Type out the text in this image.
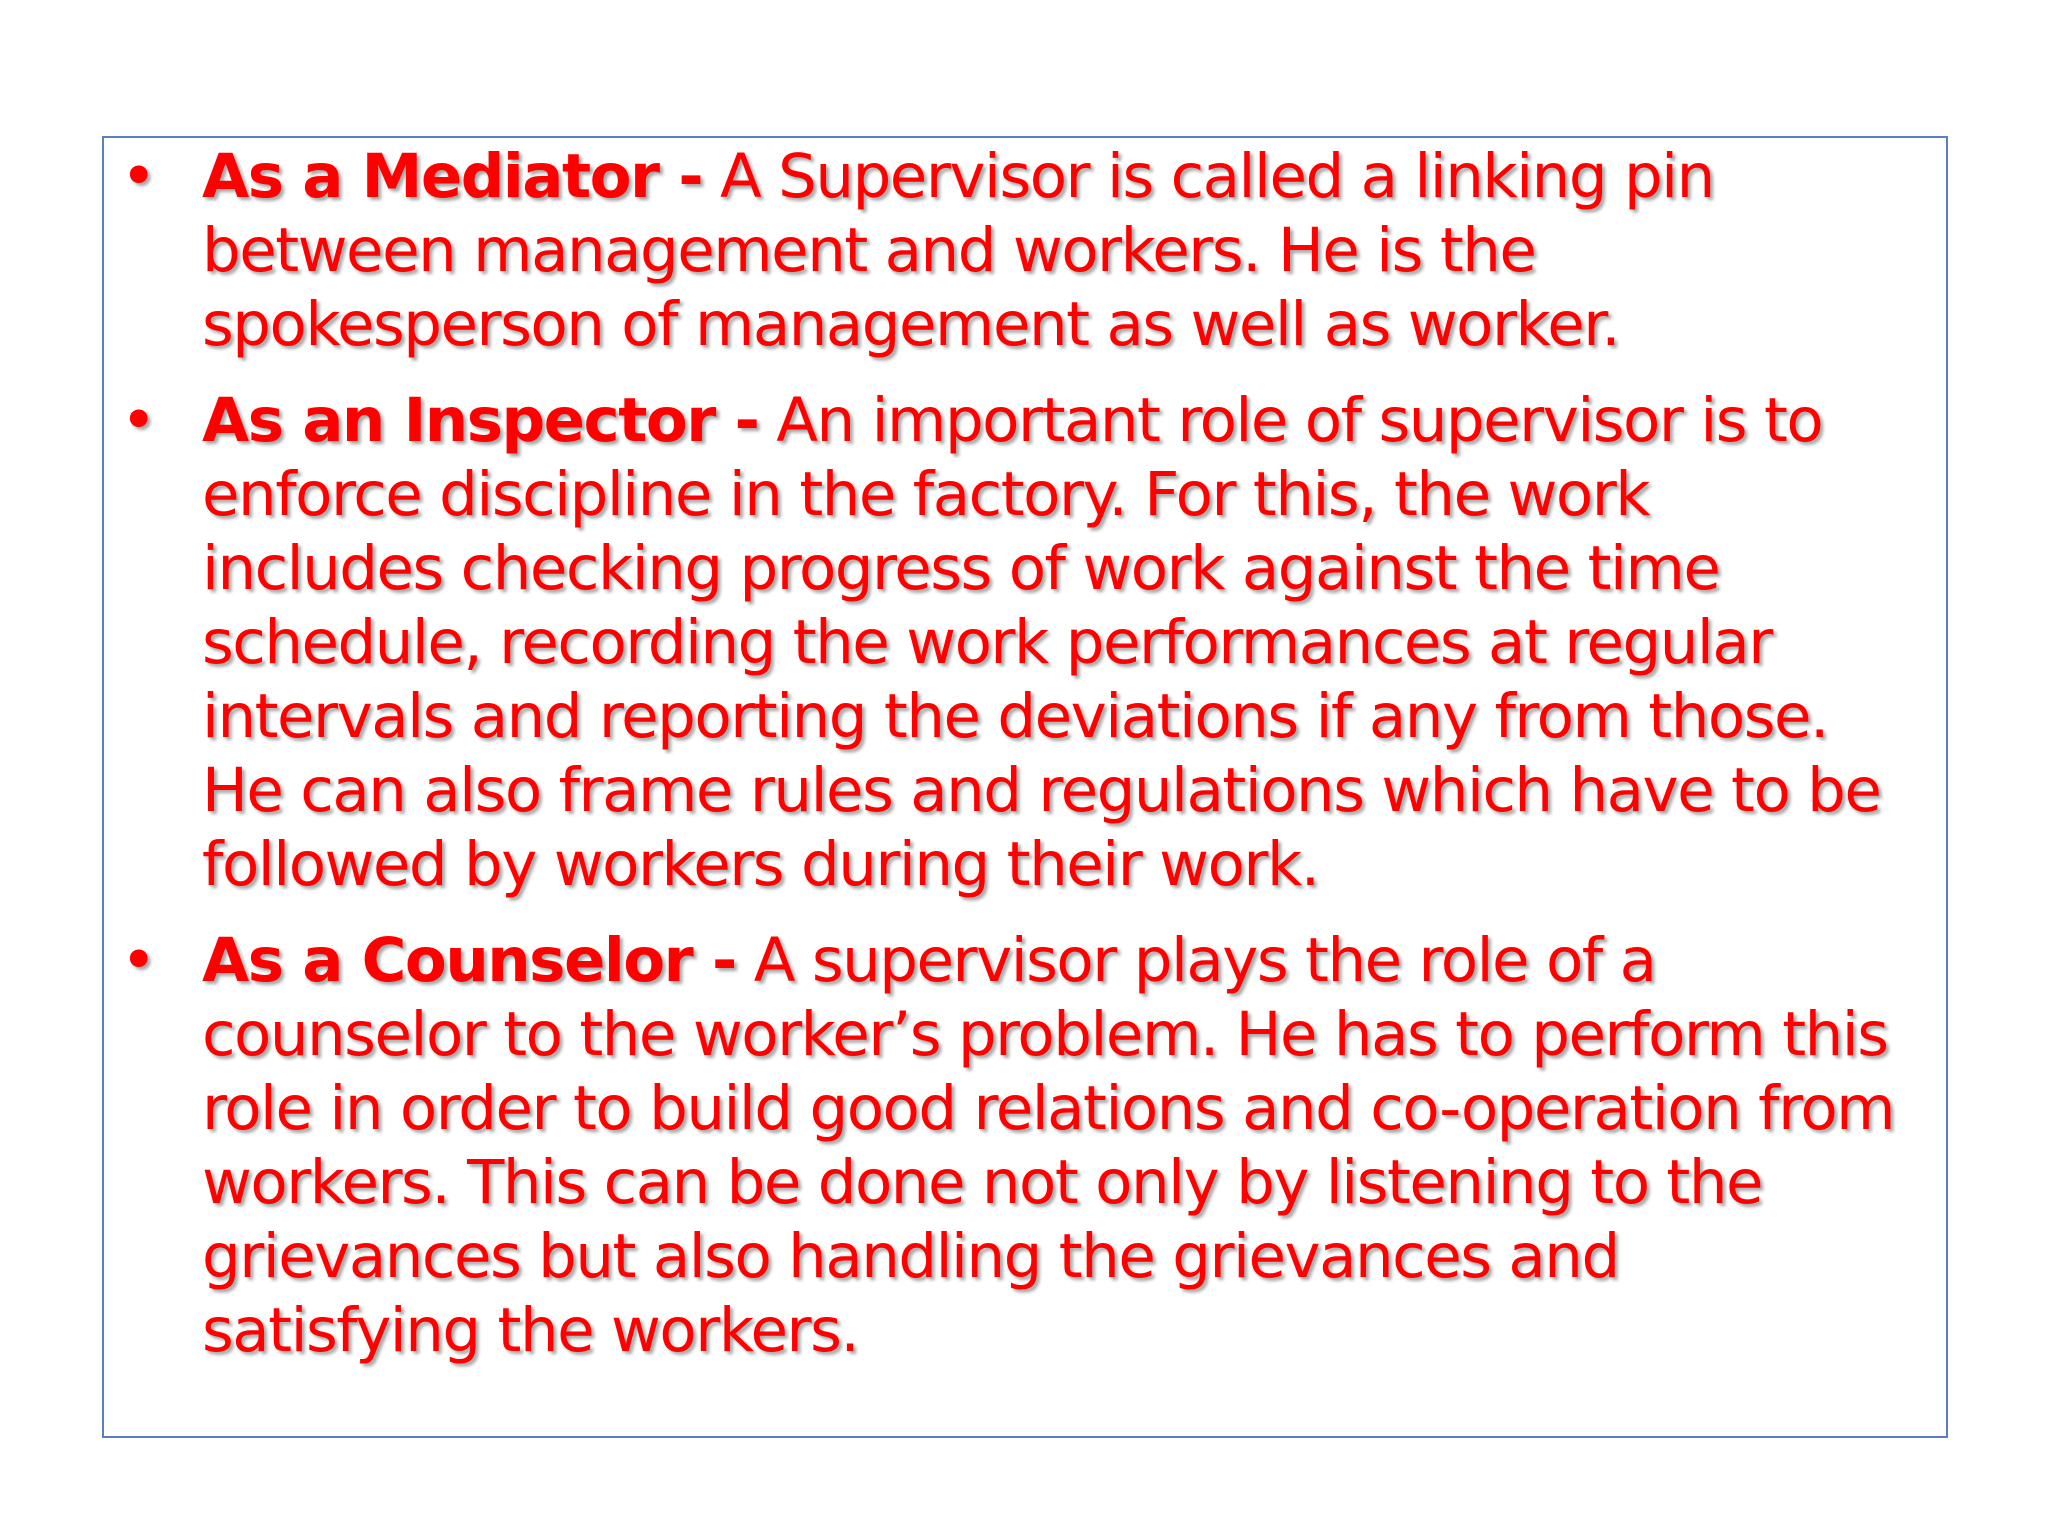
• As a Mediator - A Supervisor is called a linking pin between management and workers. He is the spokesperson of management as well as worker.
• As an Inspector - An important role of supervisor is to enforce discipline in the factory. For this, the work includes checking progress of work against the time schedule, recording the work performances at regular intervals and reporting the deviations if any from those. He can also frame rules and regulations which have to be followed by workers during their work.
• As a Counselor - A supervisor plays the role of a counselor to the worker’s problem. He has to perform this role in order to build good relations and co-operation from workers. This can be done not only by listening to the grievances but also handling the grievances and satisfying the workers.
